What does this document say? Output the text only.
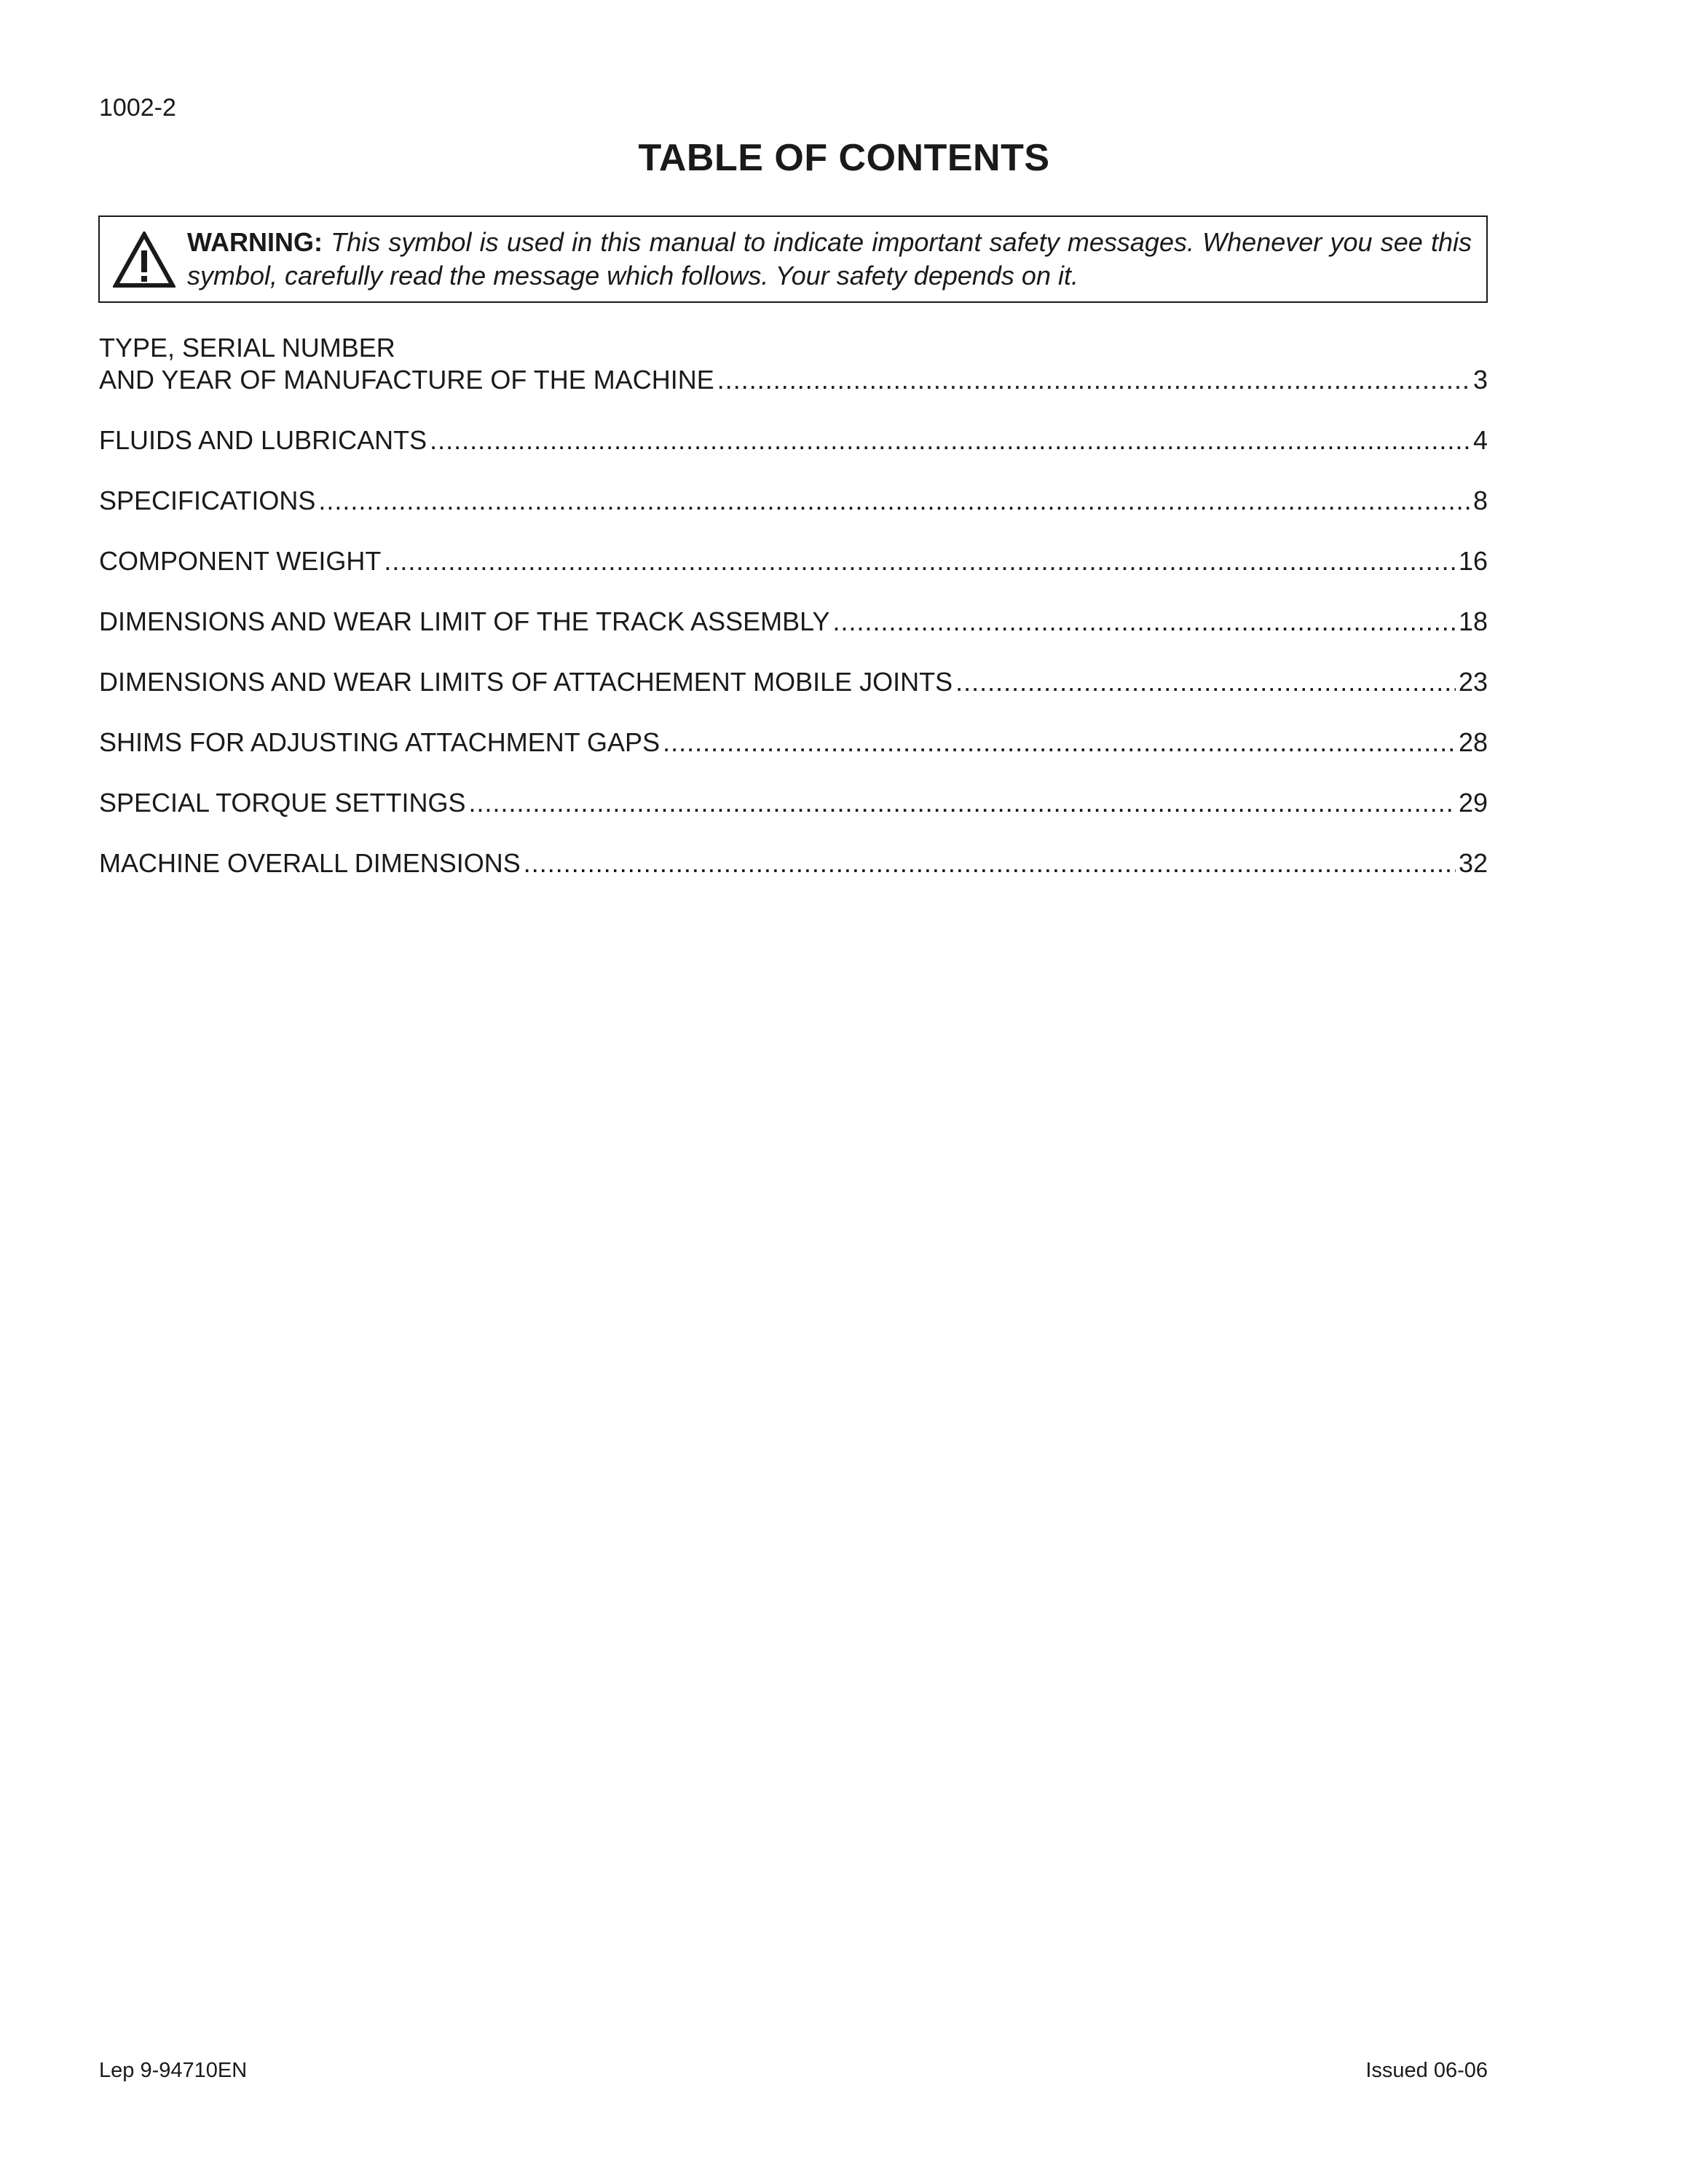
1002-2
TABLE OF CONTENTS
WARNING: This symbol is used in this manual to indicate important safety messages. Whenever you see this symbol, carefully read the message which follows. Your safety depends on it.
TYPE, SERIAL NUMBER
AND YEAR OF MANUFACTURE OF THE MACHINE .....	3
FLUIDS AND LUBRICANTS .....	4
SPECIFICATIONS .....	8
COMPONENT WEIGHT .....	16
DIMENSIONS AND WEAR LIMIT OF THE TRACK ASSEMBLY .....	18
DIMENSIONS AND WEAR LIMITS OF ATTACHEMENT MOBILE JOINTS .....	23
SHIMS FOR ADJUSTING ATTACHMENT GAPS .....	28
SPECIAL TORQUE SETTINGS .....	29
MACHINE OVERALL DIMENSIONS .....	32
Lep 9-94710EN	Issued 06-06
